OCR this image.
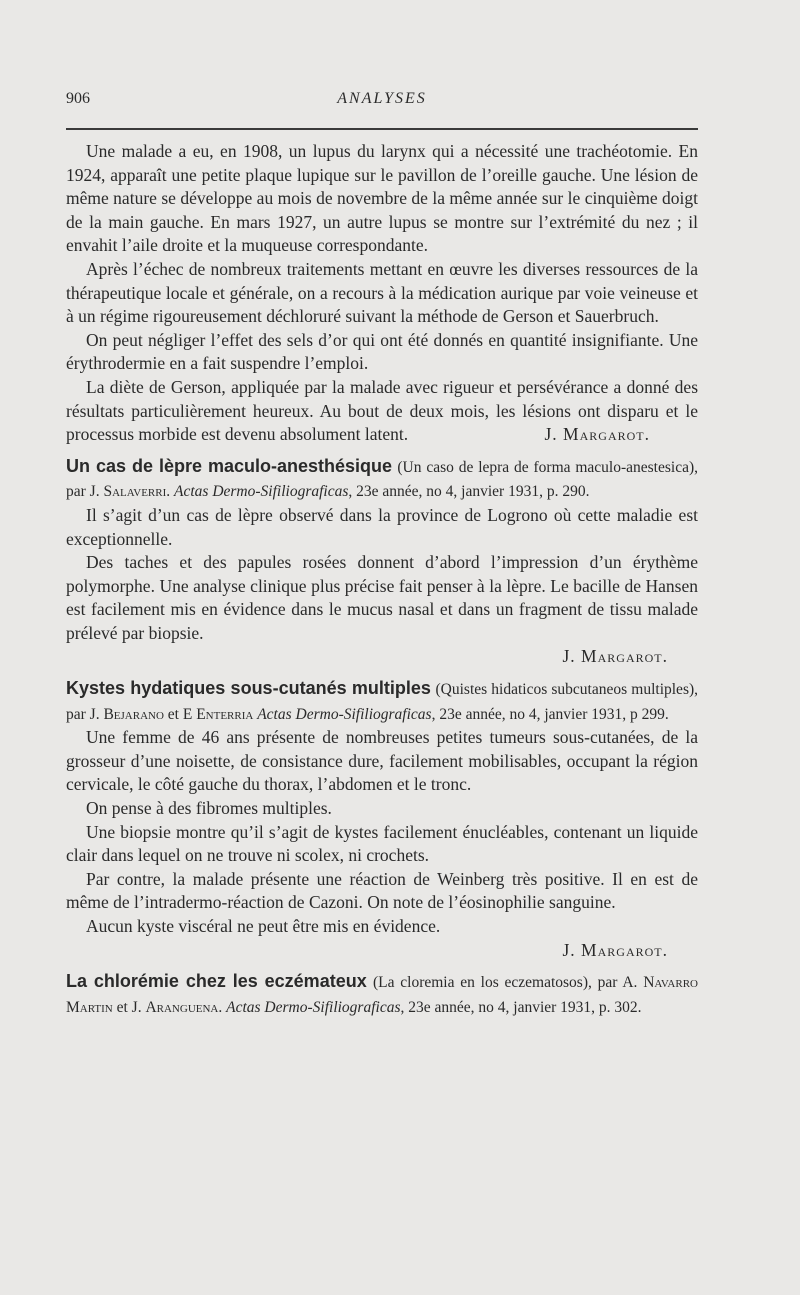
906	ANALYSES

Une malade a eu, en 1908, un lupus du larynx qui a nécessité une trachéotomie. En 1924, apparaît une petite plaque lupique sur le pavillon de l’oreille gauche. Une lésion de même nature se développe au mois de novembre de la même année sur le cinquième doigt de la main gauche. En mars 1927, un autre lupus se montre sur l’extrémité du nez ; il envahit l’aile droite et la muqueuse correspondante.

Après l’échec de nombreux traitements mettant en œuvre les diverses ressources de la thérapeutique locale et générale, on a recours à la médication aurique par voie veineuse et à un régime rigoureusement déchloruré suivant la méthode de Gerson et Sauerbruch.

On peut négliger l’effet des sels d’or qui ont été donnés en quantité insignifiante. Une érythrodermie en a fait suspendre l’emploi.

La diète de Gerson, appliquée par la malade avec rigueur et persévérance a donné des résultats particulièrement heureux. Au bout de deux mois, les lésions ont disparu et le processus morbide est devenu absolument latent.	J. Margarot.

Un cas de lèpre maculo-anesthésique (Un caso de lepra de forma maculo-anestesica), par J. Salaverri. Actas Dermo-Sifiliograficas, 23e année, no 4, janvier 1931, p. 290.

Il s’agit d’un cas de lèpre observé dans la province de Logrono où cette maladie est exceptionnelle.

Des taches et des papules rosées donnent d’abord l’impression d’un érythème polymorphe. Une analyse clinique plus précise fait penser à la lèpre. Le bacille de Hansen est facilement mis en évidence dans le mucus nasal et dans un fragment de tissu malade prélevé par biopsie.

J. Margarot.

Kystes hydatiques sous-cutanés multiples (Quistes hidaticos subcutaneos multiples), par J. Bejarano et E Enterria Actas Dermo-Sifiliograficas, 23e année, no 4, janvier 1931, p 299.

Une femme de 46 ans présente de nombreuses petites tumeurs sous-cutanées, de la grosseur d’une noisette, de consistance dure, facilement mobilisables, occupant la région cervicale, le côté gauche du thorax, l’abdomen et le tronc.

On pense à des fibromes multiples.

Une biopsie montre qu’il s’agit de kystes facilement énucléables, contenant un liquide clair dans lequel on ne trouve ni scolex, ni crochets.

Par contre, la malade présente une réaction de Weinberg très positive. Il en est de même de l’intradermo-réaction de Cazoni. On note de l’éosinophilie sanguine.

Aucun kyste viscéral ne peut être mis en évidence.

J. Margarot.

La chlorémie chez les eczémateux (La cloremia en los eczematosos), par A. Navarro Martin et J. Aranguena. Actas Dermo-Sifiliograficas, 23e année, no 4, janvier 1931, p. 302.
